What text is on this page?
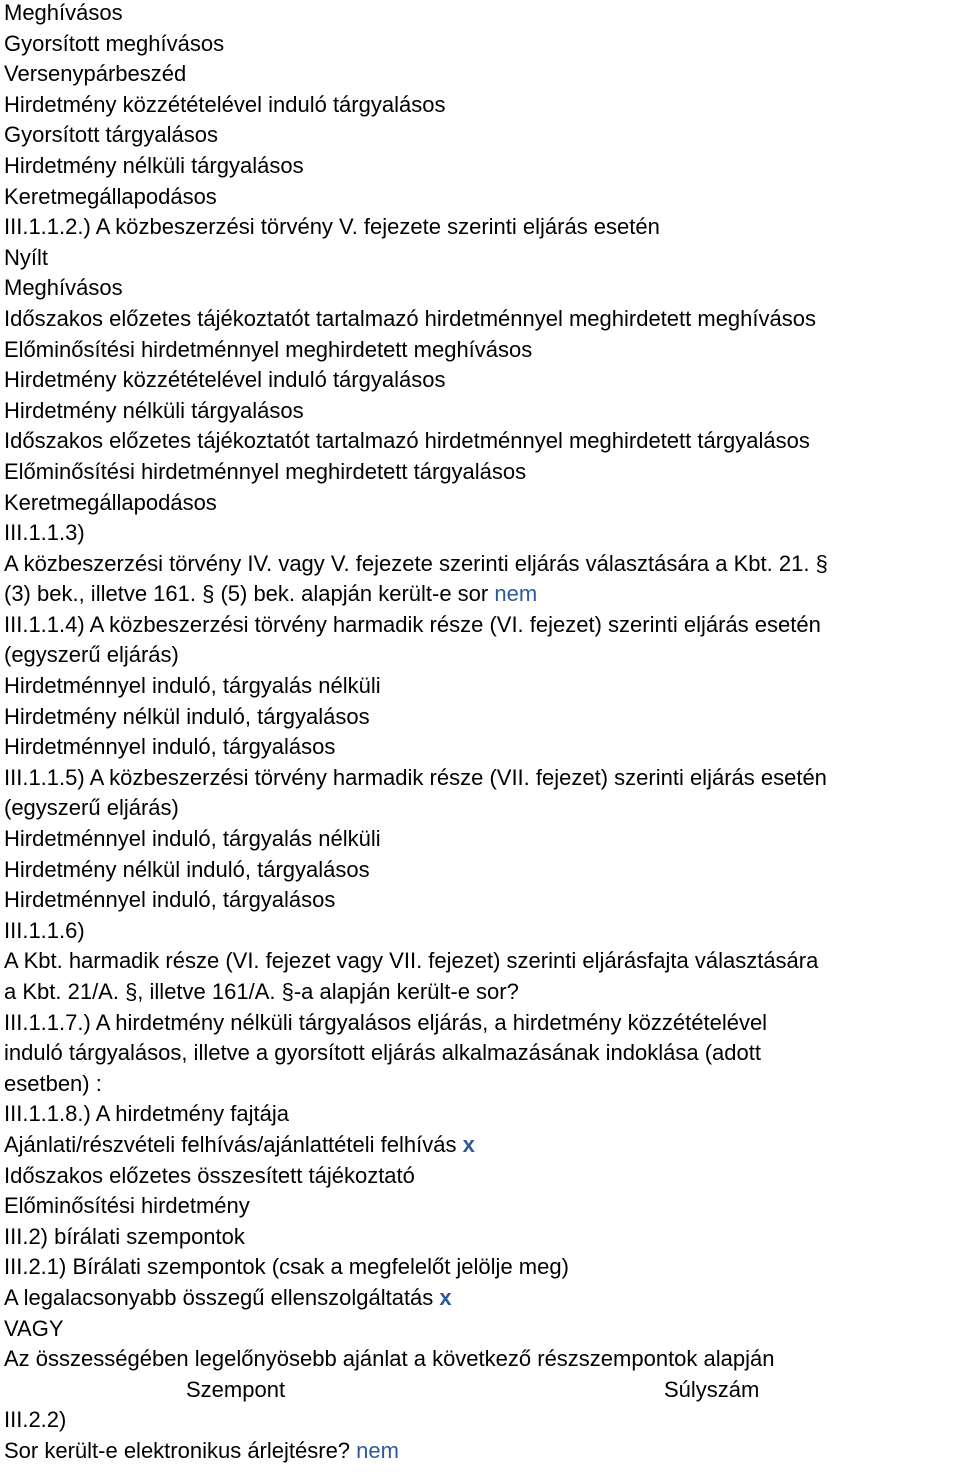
Meghívásos
Gyorsított meghívásos
Versenypárbeszéd
Hirdetmény közzétételével induló tárgyalásos
Gyorsított tárgyalásos
Hirdetmény nélküli tárgyalásos
Keretmegállapodásos
III.1.1.2.) A közbeszerzési törvény V. fejezete szerinti eljárás esetén
Nyílt
Meghívásos
Időszakos előzetes tájékoztatót tartalmazó hirdetménnyel meghirdetett meghívásos
Előminősítési hirdetménnyel meghirdetett meghívásos
Hirdetmény közzétételével induló tárgyalásos
Hirdetmény nélküli tárgyalásos
Időszakos előzetes tájékoztatót tartalmazó hirdetménnyel meghirdetett tárgyalásos
Előminősítési hirdetménnyel meghirdetett tárgyalásos
Keretmegállapodásos
III.1.1.3)
A közbeszerzési törvény IV. vagy V. fejezete szerinti eljárás választására a Kbt. 21. §
(3) bek., illetve 161. § (5) bek. alapján került-e sor nem
III.1.1.4) A közbeszerzési törvény harmadik része (VI. fejezet) szerinti eljárás esetén
(egyszerű eljárás)
Hirdetménnyel induló, tárgyalás nélküli
Hirdetmény nélkül induló, tárgyalásos
Hirdetménnyel induló, tárgyalásos
III.1.1.5) A közbeszerzési törvény harmadik része (VII. fejezet) szerinti eljárás esetén
(egyszerű eljárás)
Hirdetménnyel induló, tárgyalás nélküli
Hirdetmény nélkül induló, tárgyalásos
Hirdetménnyel induló, tárgyalásos
III.1.1.6)
A Kbt. harmadik része (VI. fejezet vagy VII. fejezet) szerinti eljárásfajta választására
a Kbt. 21/A. §, illetve 161/A. §-a alapján került-e sor?
III.1.1.7.) A hirdetmény nélküli tárgyalásos eljárás, a hirdetmény közzétételével
induló tárgyalásos, illetve a gyorsított eljárás alkalmazásának indoklása (adott
esetben) :
III.1.1.8.) A hirdetmény fajtája
Ajánlati/részvételi felhívás/ajánlattételi felhívás x
Időszakos előzetes összesített tájékoztató
Előminősítési hirdetmény
III.2) bírálati szempontok
III.2.1) Bírálati szempontok (csak a megfelelőt jelölje meg)
A legalacsonyabb összegű ellenszolgáltatás x
VAGY
Az összességében legelőnyösebb ajánlat a következő részszempontok alapján
Szempont	Súlyszám
III.2.2)
Sor került-e elektronikus árlejtésre? nem
